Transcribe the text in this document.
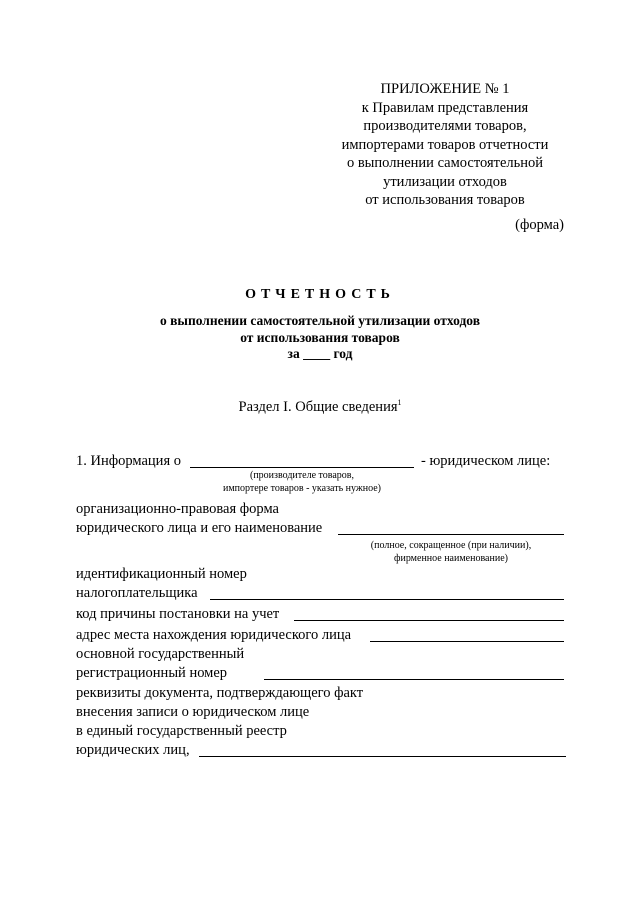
ПРИЛОЖЕНИЕ № 1
к Правилам представления
производителями товаров,
импортерами товаров отчетности
о выполнении самостоятельной
утилизации отходов
от использования товаров
(форма)
ОТЧЕТНОСТЬ
о выполнении самостоятельной утилизации отходов
от использования товаров
за ____ год
Раздел I. Общие сведения$^1$
1. Информация о	- юридическом лице:
(производителе товаров,
импортере товаров - указать нужное)
организационно-правовая форма
юридического лица и его наименование
(полное, сокращенное (при наличии),
фирменное наименование)
идентификационный номер
налогоплательщика
код причины постановки на учет
адрес места нахождения юридического лица
основной государственный
регистрационный номер
реквизиты документа, подтверждающего факт
внесения записи о юридическом лице
в единый государственный реестр
юридических лиц,
